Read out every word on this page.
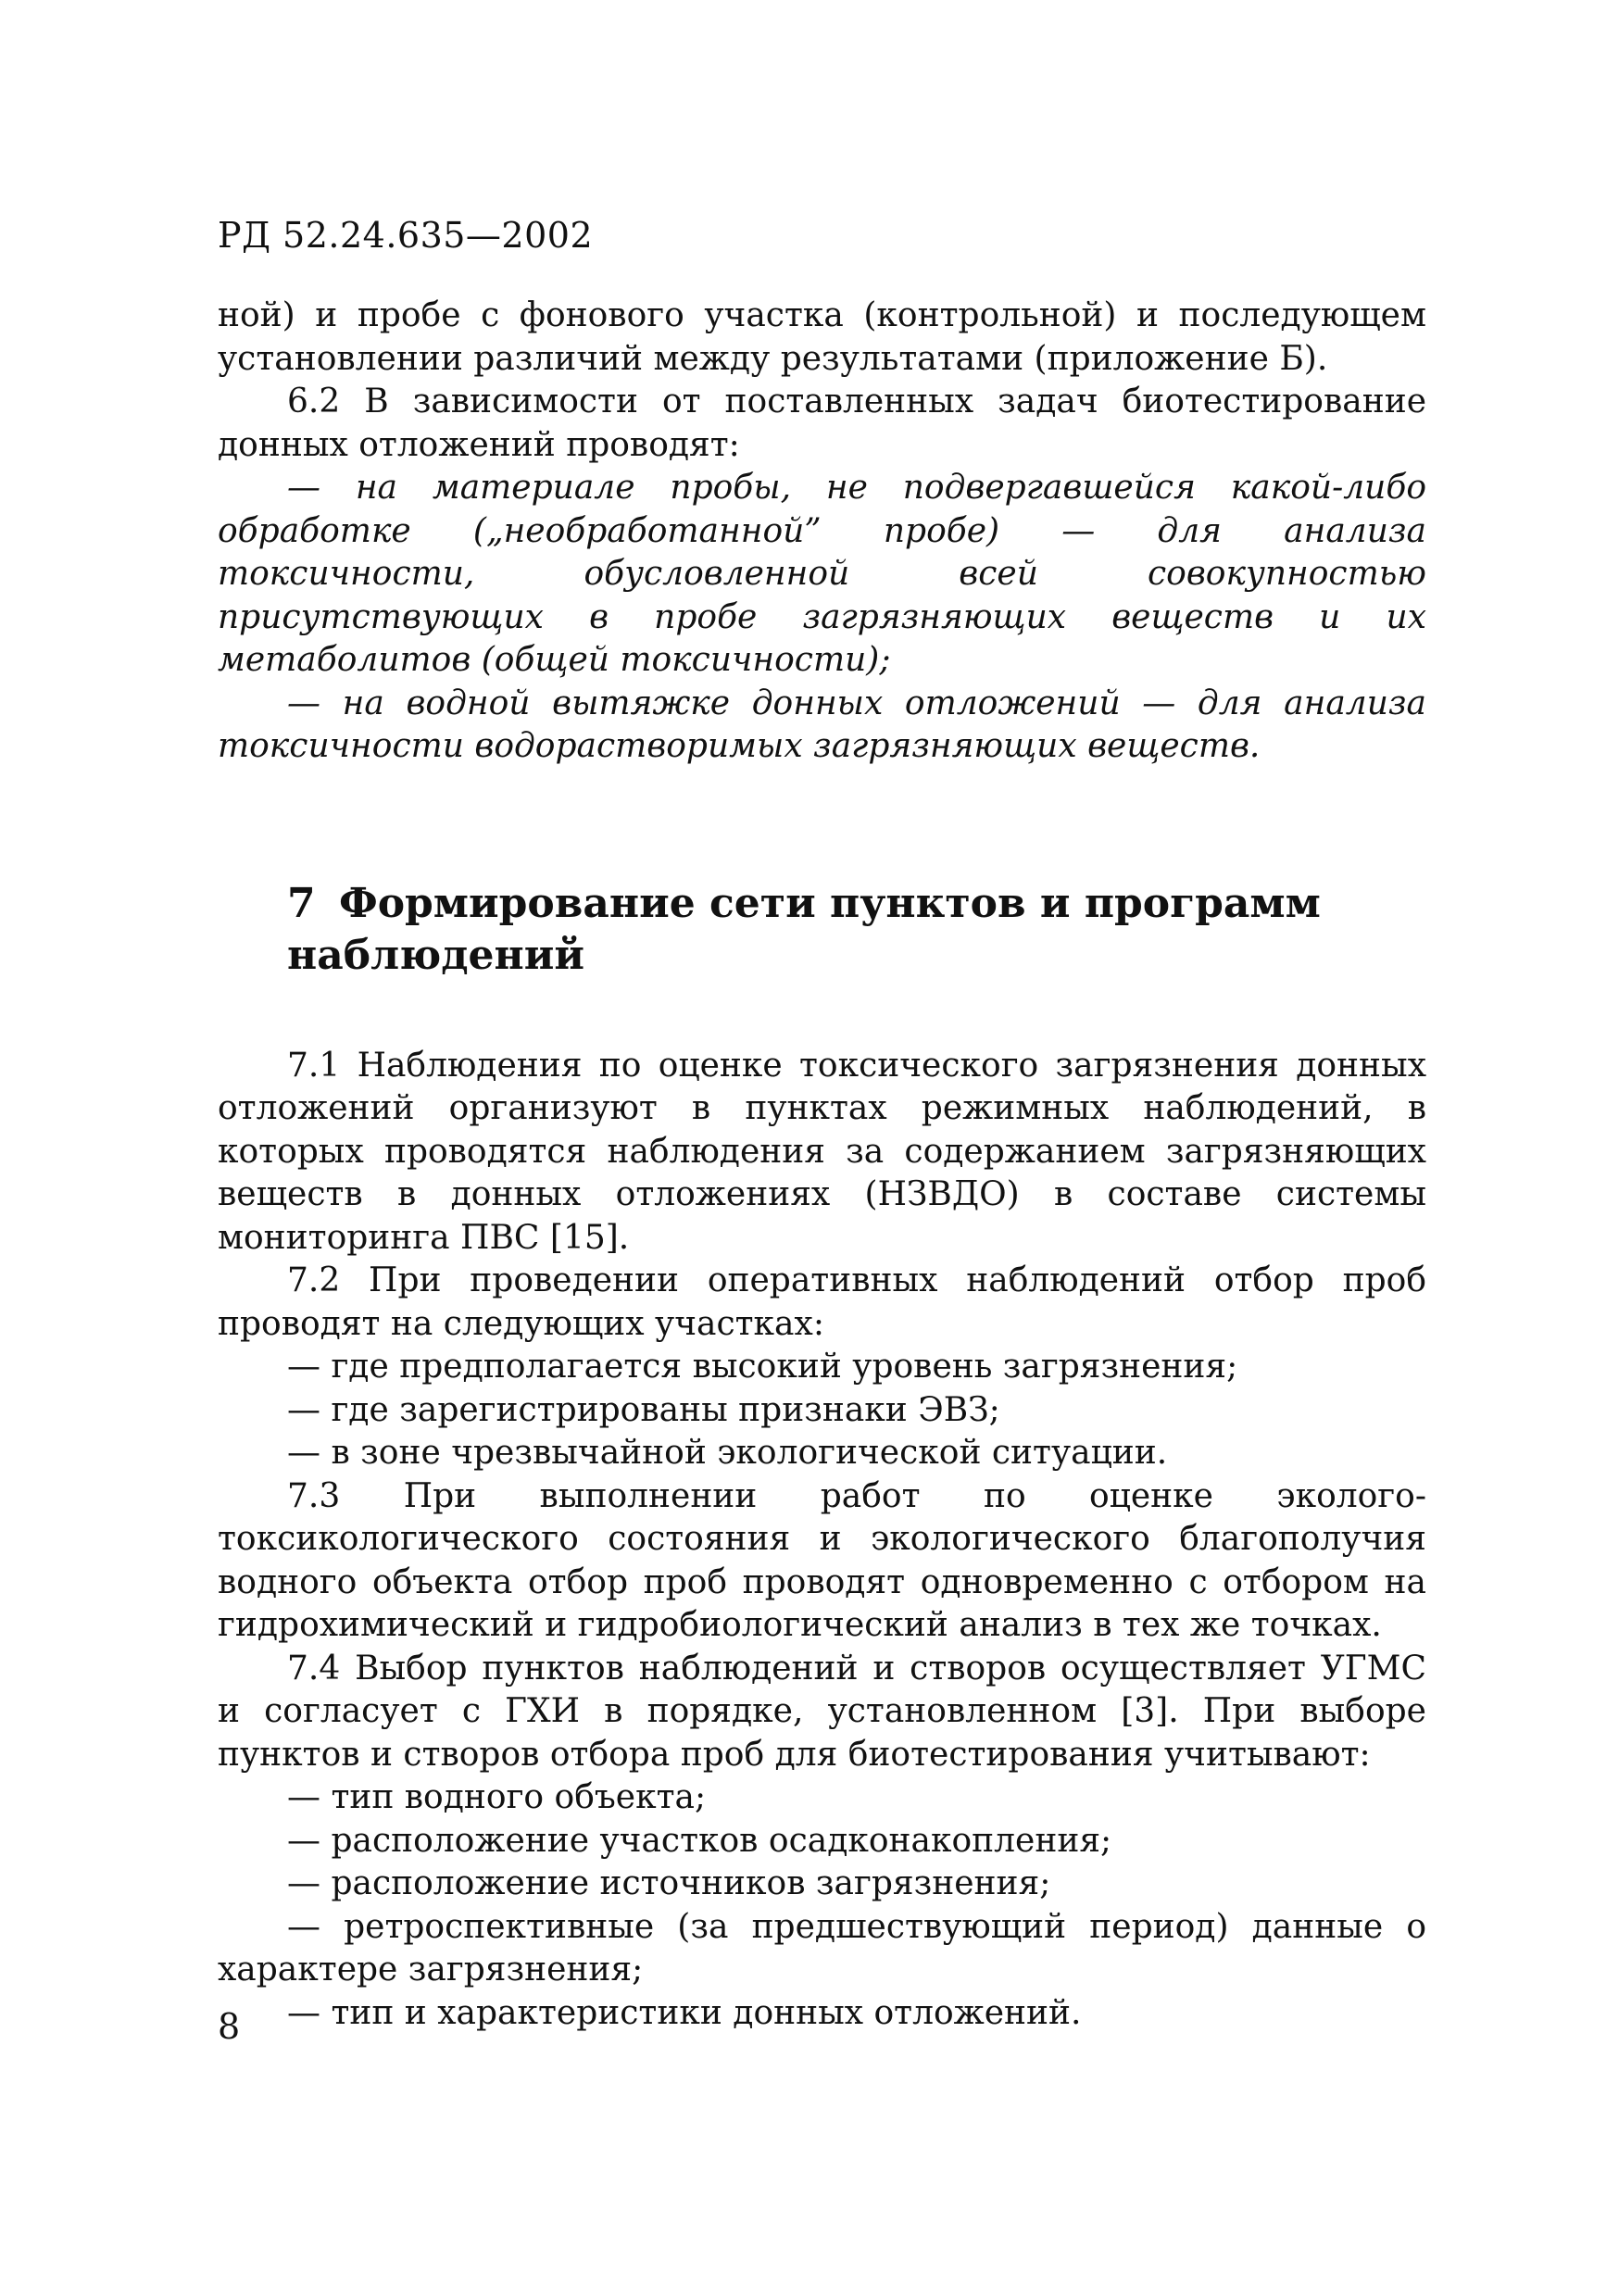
РД 52.24.635—2002

ной) и пробе с фонового участка (контрольной) и последующем установлении различий между результатами (приложение Б).

6.2 В зависимости от поставленных задач биотестирование донных отложений проводят:

— на материале пробы, не подвергавшейся какой-либо обработке („необработанной” пробе) — для анализа токсичности, обусловленной всей совокупностью присутствующих в пробе загрязняющих веществ и их метаболитов (общей токсичности);

— на водной вытяжке донных отложений — для анализа токсичности водорастворимых загрязняющих веществ.

7 Формирование сети пунктов и программ наблюдений

7.1 Наблюдения по оценке токсического загрязнения донных отложений организуют в пунктах режимных наблюдений, в которых проводятся наблюдения за содержанием загрязняющих веществ в донных отложениях (НЗВДО) в составе системы мониторинга ПВС [15].

7.2 При проведении оперативных наблюдений отбор проб проводят на следующих участках:

— где предполагается высокий уровень загрязнения;

— где зарегистрированы признаки ЭВЗ;

— в зоне чрезвычайной экологической ситуации.

7.3 При выполнении работ по оценке эколого-токсикологического состояния и экологического благополучия водного объекта отбор проб проводят одновременно с отбором на гидрохимический и гидробиологический анализ в тех же точках.

7.4 Выбор пунктов наблюдений и створов осуществляет УГМС и согласует с ГХИ в порядке, установленном [3]. При выборе пунктов и створов отбора проб для биотестирования учитывают:

— тип водного объекта;

— расположение участков осадконакопления;

— расположение источников загрязнения;

— ретроспективные (за предшествующий период) данные о характере загрязнения;

— тип и характеристики донных отложений.

8
